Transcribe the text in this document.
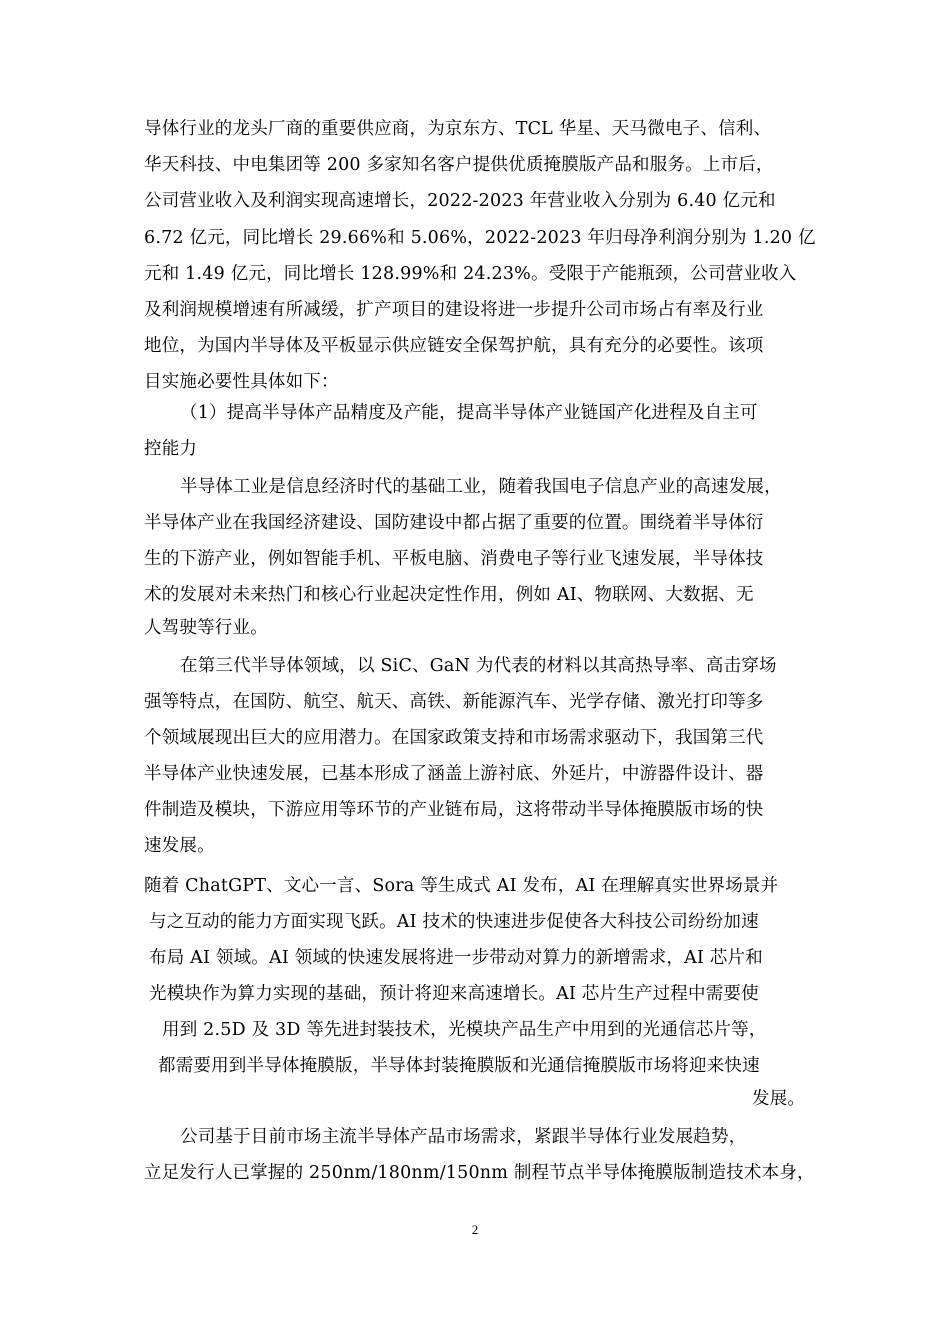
导体行业的龙头厂商的重要供应商，为京东方、TCL 华星、天马微电子、信利、
华天科技、中电集团等 200 多家知名客户提供优质掩膜版产品和服务。上市后，
公司营业收入及利润实现高速增长，2022-2023 年营业收入分别为 6.40 亿元和
6.72 亿元，同比增长 29.66%和 5.06%，2022-2023 年归母净利润分别为 1.20 亿
元和 1.49 亿元，同比增长 128.99%和 24.23%。受限于产能瓶颈，公司营业收入
及利润规模增速有所减缓，扩产项目的建设将进一步提升公司市场占有率及行业
地位，为国内半导体及平板显示供应链安全保驾护航，具有充分的必要性。该项
目实施必要性具体如下：
（1）提高半导体产品精度及产能，提高半导体产业链国产化进程及自主可
控能力
半导体工业是信息经济时代的基础工业，随着我国电子信息产业的高速发展，
半导体产业在我国经济建设、国防建设中都占据了重要的位置。围绕着半导体衍
生的下游产业，例如智能手机、平板电脑、消费电子等行业飞速发展，半导体技
术的发展对未来热门和核心行业起决定性作用，例如 AI、物联网、大数据、无
人驾驶等行业。
在第三代半导体领域，以 SiC、GaN 为代表的材料以其高热导率、高击穿场
强等特点，在国防、航空、航天、高铁、新能源汽车、光学存储、激光打印等多
个领域展现出巨大的应用潜力。在国家政策支持和市场需求驱动下，我国第三代
半导体产业快速发展，已基本形成了涵盖上游衬底、外延片，中游器件设计、器
件制造及模块，下游应用等环节的产业链布局，这将带动半导体掩膜版市场的快
速发展。
随着 ChatGPT、文心一言、Sora 等生成式 AI 发布，AI 在理解真实世界场景并
与之互动的能力方面实现飞跃。AI 技术的快速进步促使各大科技公司纷纷加速
布局 AI 领域。AI 领域的快速发展将进一步带动对算力的新增需求，AI 芯片和
光模块作为算力实现的基础，预计将迎来高速增长。AI 芯片生产过程中需要使
用到 2.5D 及 3D 等先进封装技术，光模块产品生产中用到的光通信芯片等，
都需要用到半导体掩膜版，半导体封装掩膜版和光通信掩膜版市场将迎来快速
发展。
公司基于目前市场主流半导体产品市场需求，紧跟半导体行业发展趋势，
立足发行人已掌握的 250nm/180nm/150nm 制程节点半导体掩膜版制造技术本身，
2
